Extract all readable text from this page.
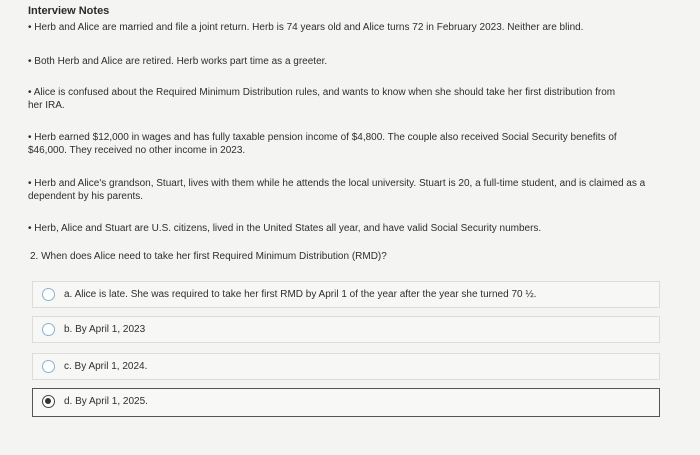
Interview Notes
• Herb and Alice are married and file a joint return. Herb is 74 years old and Alice turns 72 in February 2023. Neither are blind.
• Both Herb and Alice are retired. Herb works part time as a greeter.
• Alice is confused about the Required Minimum Distribution rules, and wants to know when she should take her first distribution from her IRA.
• Herb earned $12,000 in wages and has fully taxable pension income of $4,800. The couple also received Social Security benefits of $46,000. They received no other income in 2023.
• Herb and Alice's grandson, Stuart, lives with them while he attends the local university. Stuart is 20, a full-time student, and is claimed as a dependent by his parents.
• Herb, Alice and Stuart are U.S. citizens, lived in the United States all year, and have valid Social Security numbers.
2. When does Alice need to take her first Required Minimum Distribution (RMD)?
a. Alice is late. She was required to take her first RMD by April 1 of the year after the year she turned 70 ½.
b. By April 1, 2023
c. By April 1, 2024.
d. By April 1, 2025.
